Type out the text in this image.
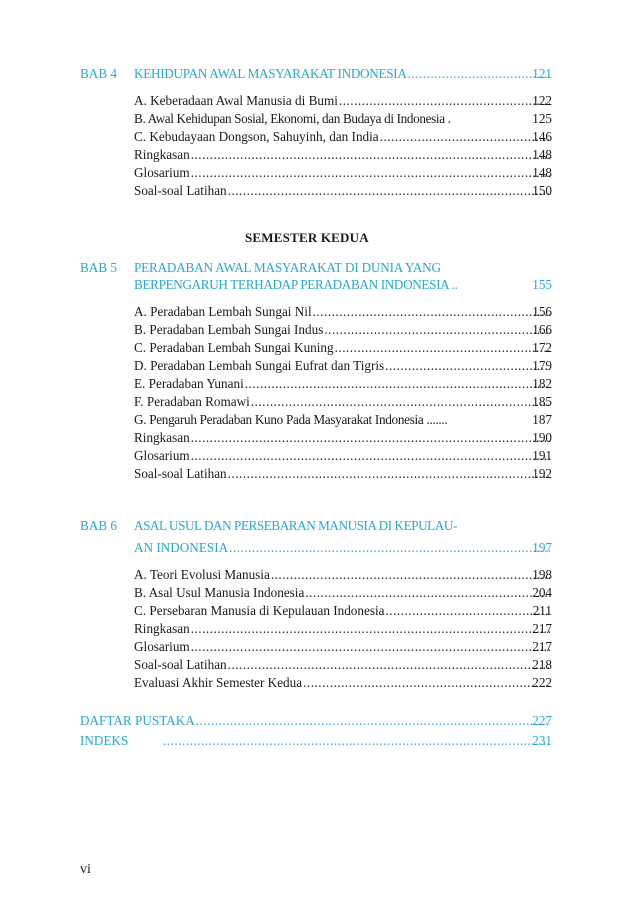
BAB 4	KEHIDUPAN AWAL MASYARAKAT INDONESIA .....	121
A. Keberadaan Awal Manusia di Bumi .....	122
B. Awal Kehidupan Sosial, Ekonomi, dan Budaya di Indonesia .	125
C. Kebudayaan Dongson, Sahuyinh, dan India .....	146
Ringkasan .....	148
Glosarium .....	148
Soal-soal Latihan .....	150
SEMESTER KEDUA
BAB 5 PERADABAN AWAL MASYARAKAT DI DUNIA YANG
BERPENGARUH TERHADAP PERADABAN INDONESIA ..	155
A. Peradaban Lembah Sungai Nil .....	156
B. Peradaban Lembah Sungai Indus .....	166
C. Peradaban Lembah Sungai Kuning .....	172
D. Peradaban Lembah Sungai Eufrat dan Tigris .....	179
E. Peradaban Yunani .....	182
F. Peradaban Romawi .....	185
G. Pengaruh Peradaban Kuno Pada Masyarakat Indonesia .......	187
Ringkasan .....	190
Glosarium .....	191
Soal-soal Latihan .....	192
BAB 6 ASAL USUL DAN PERSEBARAN MANUSIA DI KEPULAU-
AN INDONESIA .....	197
A. Teori Evolusi Manusia .....	198
B. Asal Usul Manusia Indonesia .....	204
C. Persebaran Manusia di Kepulauan Indonesia .....	211
Ringkasan .....	217
Glosarium .....	217
Soal-soal Latihan .....	218
Evaluasi Akhir Semester Kedua .....	222
DAFTAR PUSTAKA .....	227
INDEKS .....	231
vi
